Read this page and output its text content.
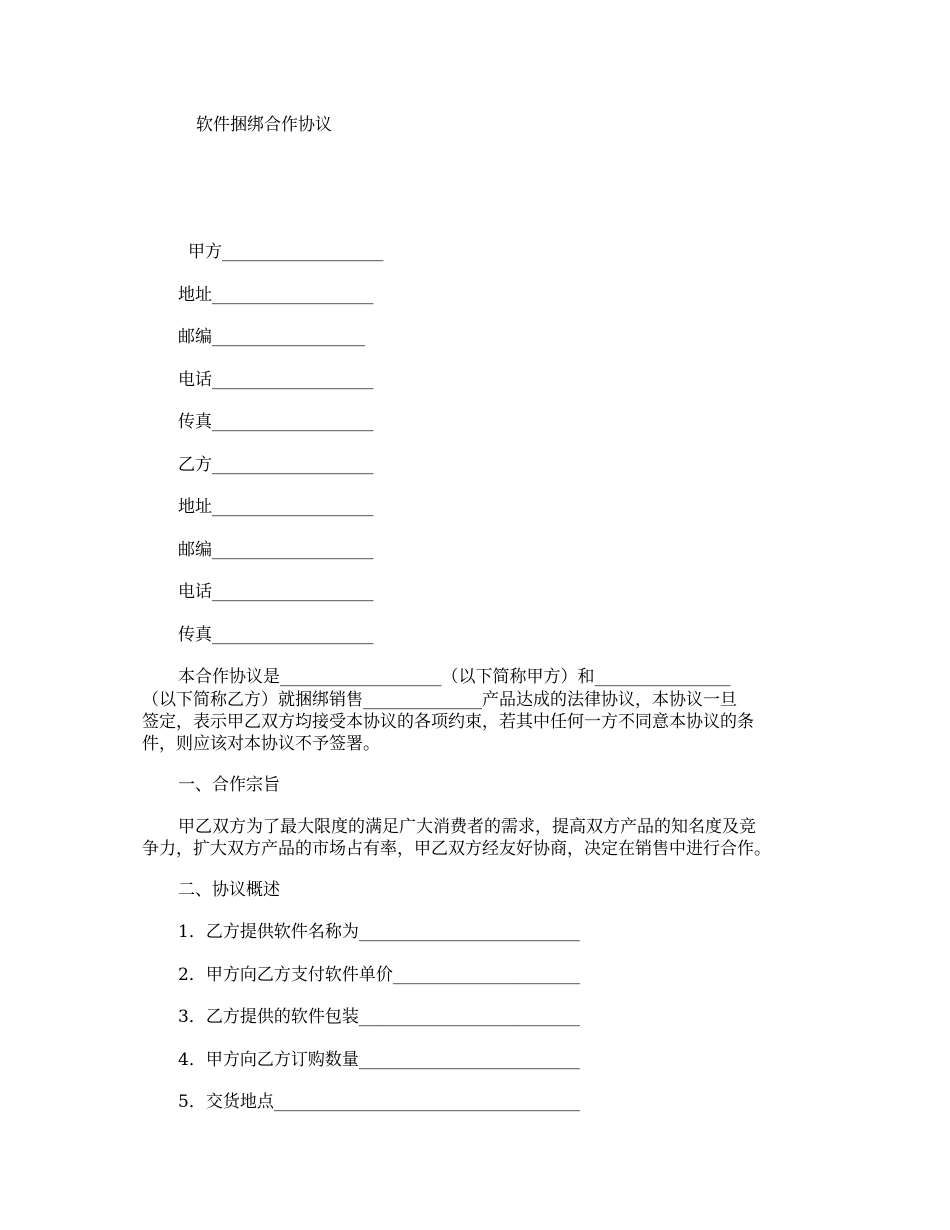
软件捆绑合作协议
甲方___________________
地址___________________
邮编__________________
电话___________________
传真___________________
乙方___________________
地址___________________
邮编___________________
电话___________________
传真___________________
本合作协议是___________________（以下简称甲方）和________________
（以下简称乙方）就捆绑销售______________产品达成的法律协议，本协议一旦
签定，表示甲乙双方均接受本协议的各项约束，若其中任何一方不同意本协议的条
件，则应该对本协议不予签署。
一、合作宗旨
甲乙双方为了最大限度的满足广大消费者的需求，提高双方产品的知名度及竞
争力，扩大双方产品的市场占有率，甲乙双方经友好协商，决定在销售中进行合作。
二、协议概述
1．乙方提供软件名称为__________________________
2．甲方向乙方支付软件单价______________________
3．乙方提供的软件包装__________________________
4．甲方向乙方订购数量__________________________
5．交货地点____________________________________
